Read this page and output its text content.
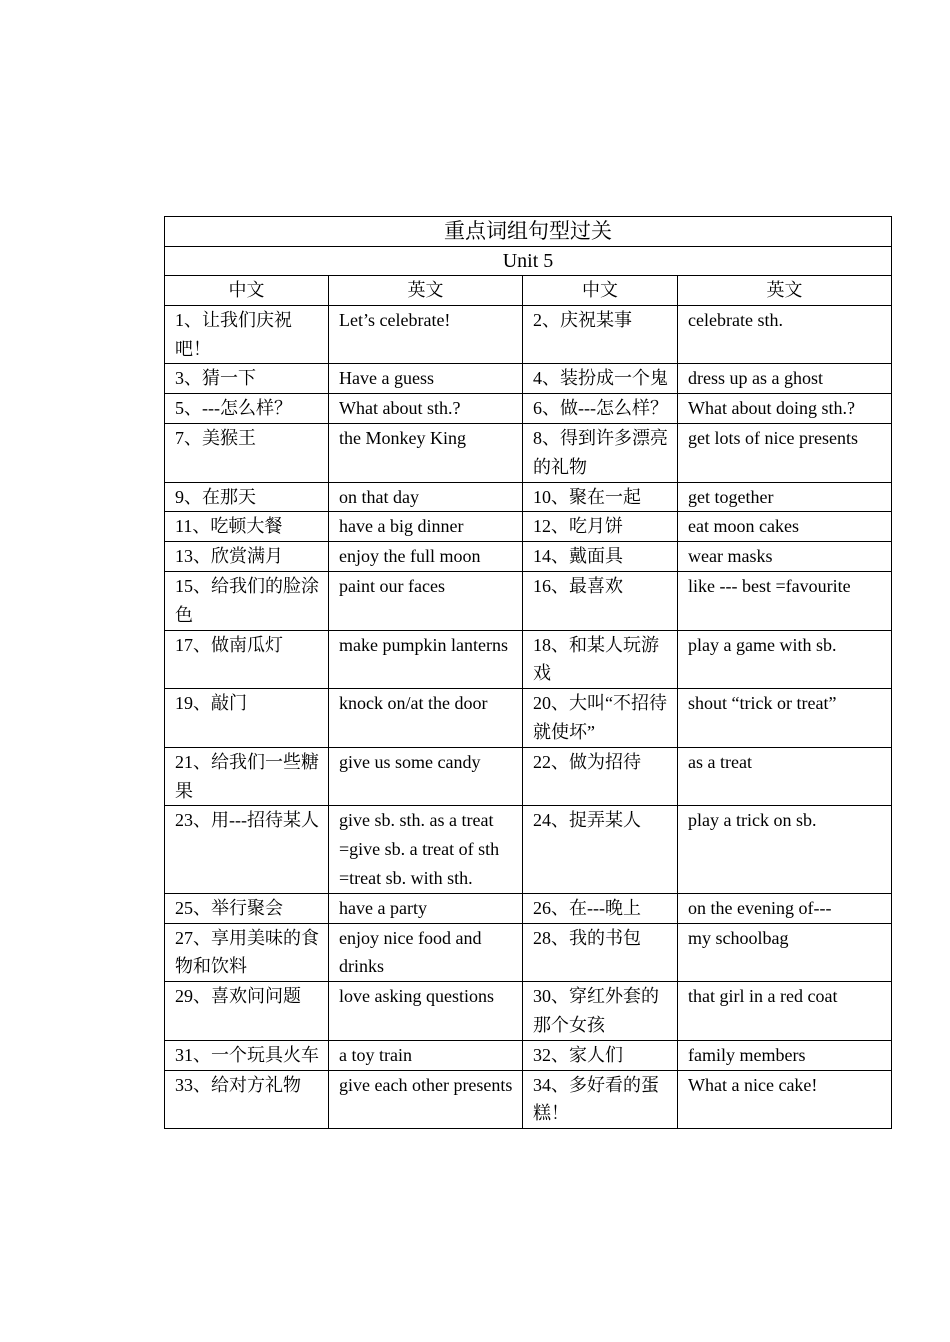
重点词组句型过关			
Unit 5			
中文	英文	中文	英文
1、让我们庆祝吧！	Let’s celebrate!	2、庆祝某事	celebrate sth.
3、猜一下	Have a guess	4、装扮成一个鬼	dress up as a ghost
5、---怎么样？	What about sth.?	6、做---怎么样？	What about doing sth.?
7、美猴王	the Monkey King	8、得到许多漂亮的礼物	get lots of nice presents
9、在那天	on that day	10、聚在一起	get together
11、吃顿大餐	have a big dinner	12、吃月饼	eat moon cakes
13、欣赏满月	enjoy the full moon	14、戴面具	wear masks
15、给我们的脸涂色	paint our faces	16、最喜欢	like --- best =favourite
17、做南瓜灯	make pumpkin lanterns	18、和某人玩游戏	play a game with sb.
19、敲门	knock on/at the door	20、大叫“不招待就使坏”	shout “trick or treat”
21、给我们一些糖果	give us some candy	22、做为招待	as a treat
23、用---招待某人	give sb. sth. as a treat =give sb. a treat of sth =treat sb. with sth.	24、捉弄某人	play a trick on sb.
25、举行聚会	have a party	26、在---晚上	on the evening of---
27、享用美味的食物和饮料	enjoy nice food and drinks	28、我的书包	my schoolbag
29、喜欢问问题	love asking questions	30、穿红外套的那个女孩	that girl in a red coat
31、一个玩具火车	a toy train	32、家人们	family members
33、给对方礼物	give each other presents	34、多好看的蛋糕！	What a nice cake!
